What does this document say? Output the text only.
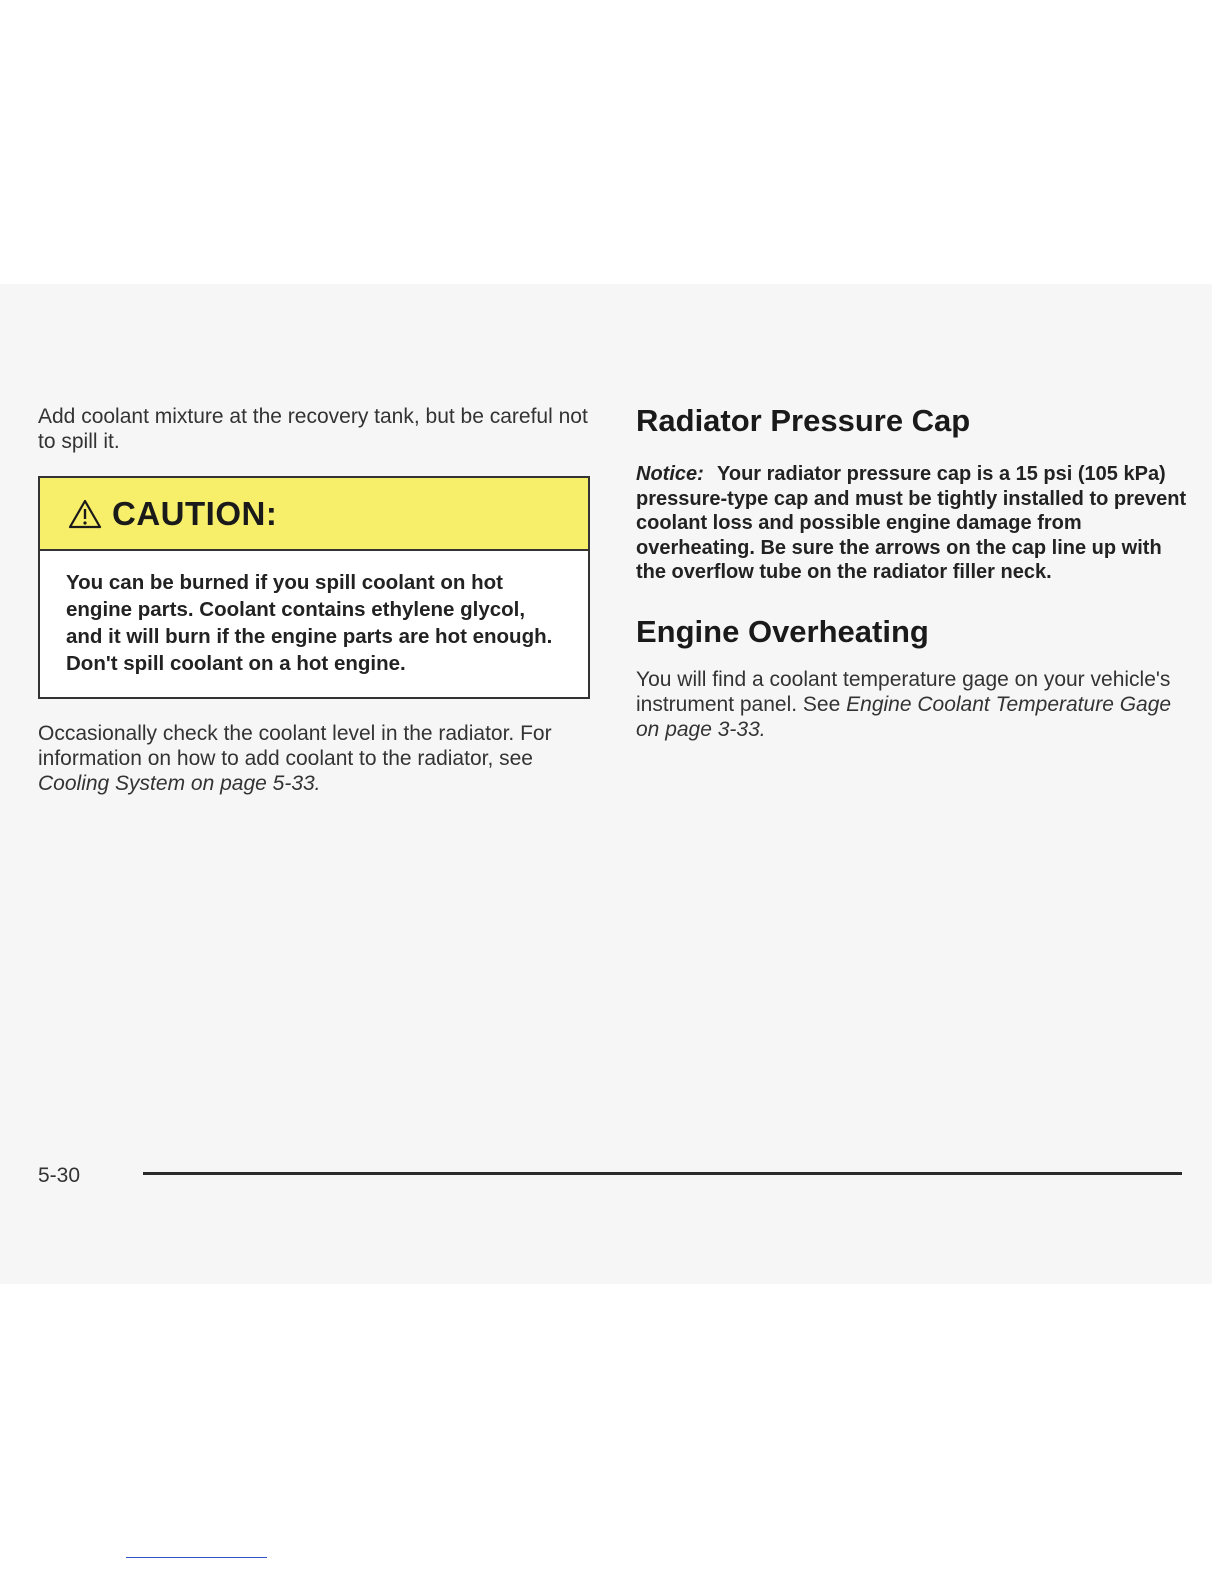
Add coolant mixture at the recovery tank, but be careful not to spill it.

CAUTION:

You can be burned if you spill coolant on hot engine parts. Coolant contains ethylene glycol, and it will burn if the engine parts are hot enough. Don't spill coolant on a hot engine.

Occasionally check the coolant level in the radiator. For information on how to add coolant to the radiator, see Cooling System on page 5-33.

Radiator Pressure Cap

Notice: Your radiator pressure cap is a 15 psi (105 kPa) pressure-type cap and must be tightly installed to prevent coolant loss and possible engine damage from overheating. Be sure the arrows on the cap line up with the overflow tube on the radiator filler neck.

Engine Overheating

You will find a coolant temperature gage on your vehicle's instrument panel. See Engine Coolant Temperature Gage on page 3-33.

5-30
